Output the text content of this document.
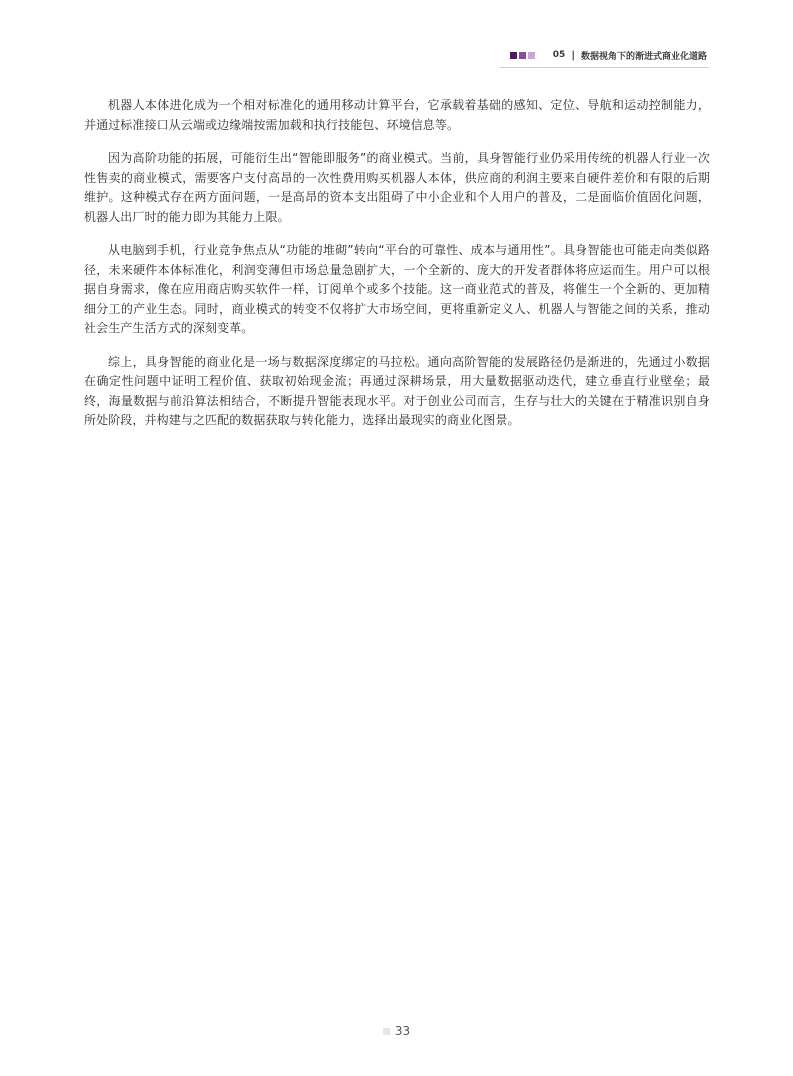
05 | 数据视角下的渐进式商业化道路

机器人本体进化成为一个相对标准化的通用移动计算平台，它承载着基础的感知、定位、导航和运动控制能力，并通过标准接口从云端或边缘端按需加载和执行技能包、环境信息等。

因为高阶功能的拓展，可能衍生出“智能即服务”的商业模式。当前，具身智能行业仍采用传统的机器人行业一次性售卖的商业模式，需要客户支付高昂的一次性费用购买机器人本体，供应商的利润主要来自硬件差价和有限的后期维护。这种模式存在两方面问题，一是高昂的资本支出阻碍了中小企业和个人用户的普及，二是面临价值固化问题，机器人出厂时的能力即为其能力上限。

从电脑到手机，行业竞争焦点从“功能的堆砌”转向“平台的可靠性、成本与通用性”。具身智能也可能走向类似路径，未来硬件本体标准化，利润变薄但市场总量急剧扩大，一个全新的、庞大的开发者群体将应运而生。用户可以根据自身需求，像在应用商店购买软件一样，订阅单个或多个技能。这一商业范式的普及，将催生一个全新的、更加精细分工的产业生态。同时，商业模式的转变不仅将扩大市场空间，更将重新定义人、机器人与智能之间的关系，推动社会生产生活方式的深刻变革。

综上，具身智能的商业化是一场与数据深度绑定的马拉松。通向高阶智能的发展路径仍是渐进的，先通过小数据在确定性问题中证明工程价值、获取初始现金流；再通过深耕场景，用大量数据驱动迭代，建立垂直行业壁垒；最终，海量数据与前沿算法相结合，不断提升智能表现水平。对于创业公司而言，生存与壮大的关键在于精准识别自身所处阶段，并构建与之匹配的数据获取与转化能力，选择出最现实的商业化图景。

33
